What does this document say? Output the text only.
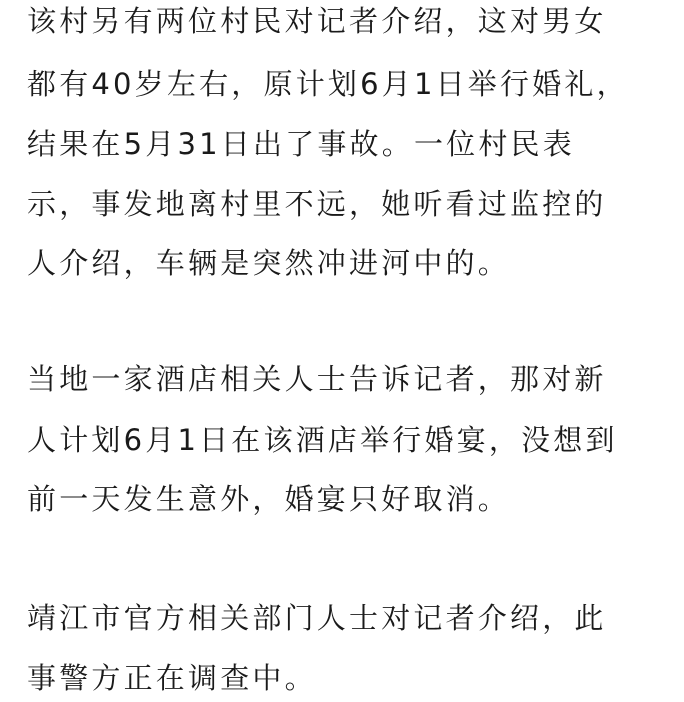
该村另有两位村民对记者介绍，这对男女
都有40岁左右，原计划6月1日举行婚礼，
结果在5月31日出了事故。一位村民表
示，事发地离村里不远，她听看过监控的
人介绍，车辆是突然冲进河中的。
当地一家酒店相关人士告诉记者，那对新
人计划6月1日在该酒店举行婚宴，没想到
前一天发生意外，婚宴只好取消。
靖江市官方相关部门人士对记者介绍，此
事警方正在调查中。
